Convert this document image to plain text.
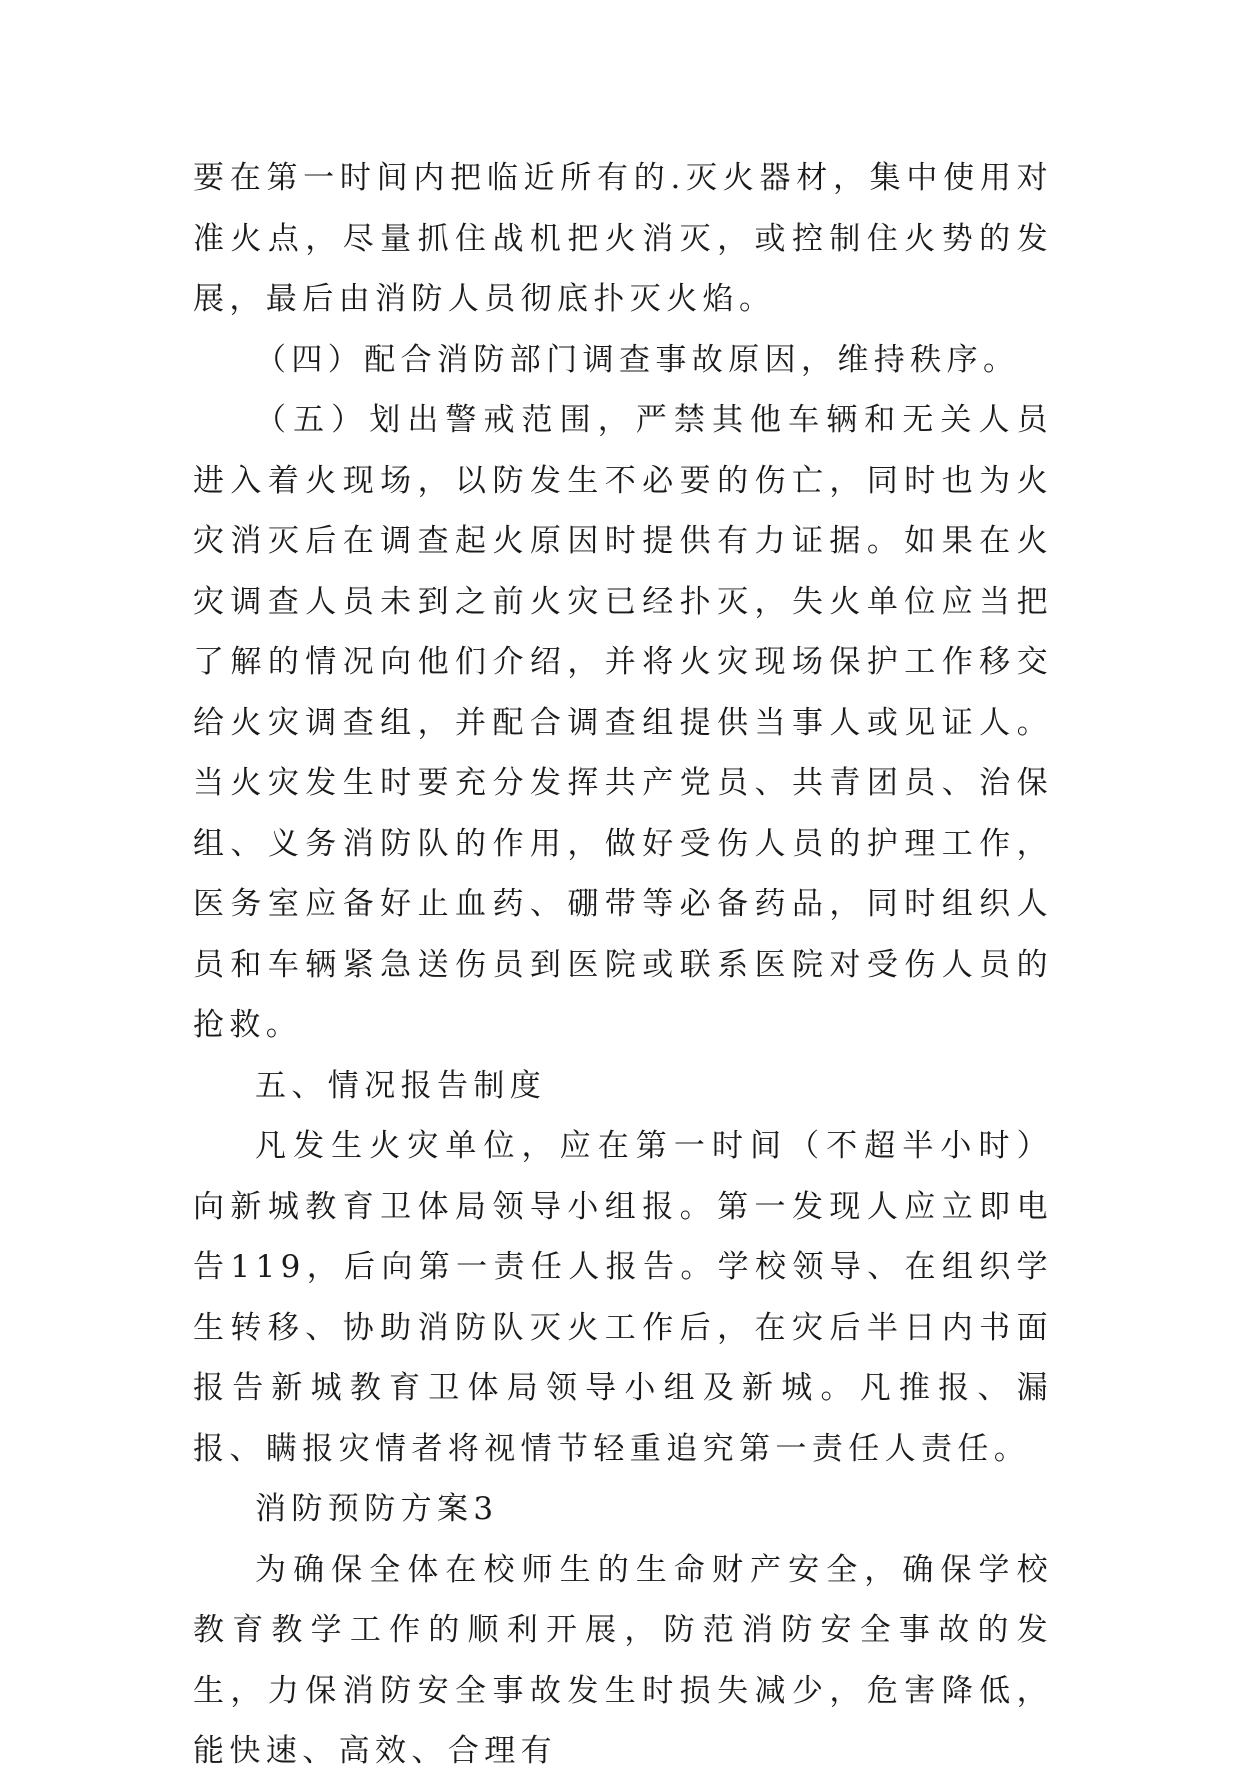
要在第一时间内把临近所有的.灭火器材，集中使用对准火点，尽量抓住战机把火消灭，或控制住火势的发展，最后由消防人员彻底扑灭火焰。

（四）配合消防部门调查事故原因，维持秩序。

（五）划出警戒范围，严禁其他车辆和无关人员进入着火现场，以防发生不必要的伤亡，同时也为火灾消灭后在调查起火原因时提供有力证据。如果在火灾调查人员未到之前火灾已经扑灭，失火单位应当把了解的情况向他们介绍，并将火灾现场保护工作移交给火灾调查组，并配合调查组提供当事人或见证人。当火灾发生时要充分发挥共产党员、共青团员、治保组、义务消防队的作用，做好受伤人员的护理工作，医务室应备好止血药、硼带等必备药品，同时组织人员和车辆紧急送伤员到医院或联系医院对受伤人员的抢救。

五、情况报告制度

凡发生火灾单位，应在第一时间（不超半小时）向新城教育卫体局领导小组报。第一发现人应立即电告119，后向第一责任人报告。学校领导、在组织学生转移、协助消防队灭火工作后，在灾后半日内书面报告新城教育卫体局领导小组及新城。凡推报、漏报、瞒报灾情者将视情节轻重追究第一责任人责任。

消防预防方案3

为确保全体在校师生的生命财产安全，确保学校教育教学工作的顺利开展，防范消防安全事故的发生，力保消防安全事故发生时损失减少，危害降低，能快速、高效、合理有
